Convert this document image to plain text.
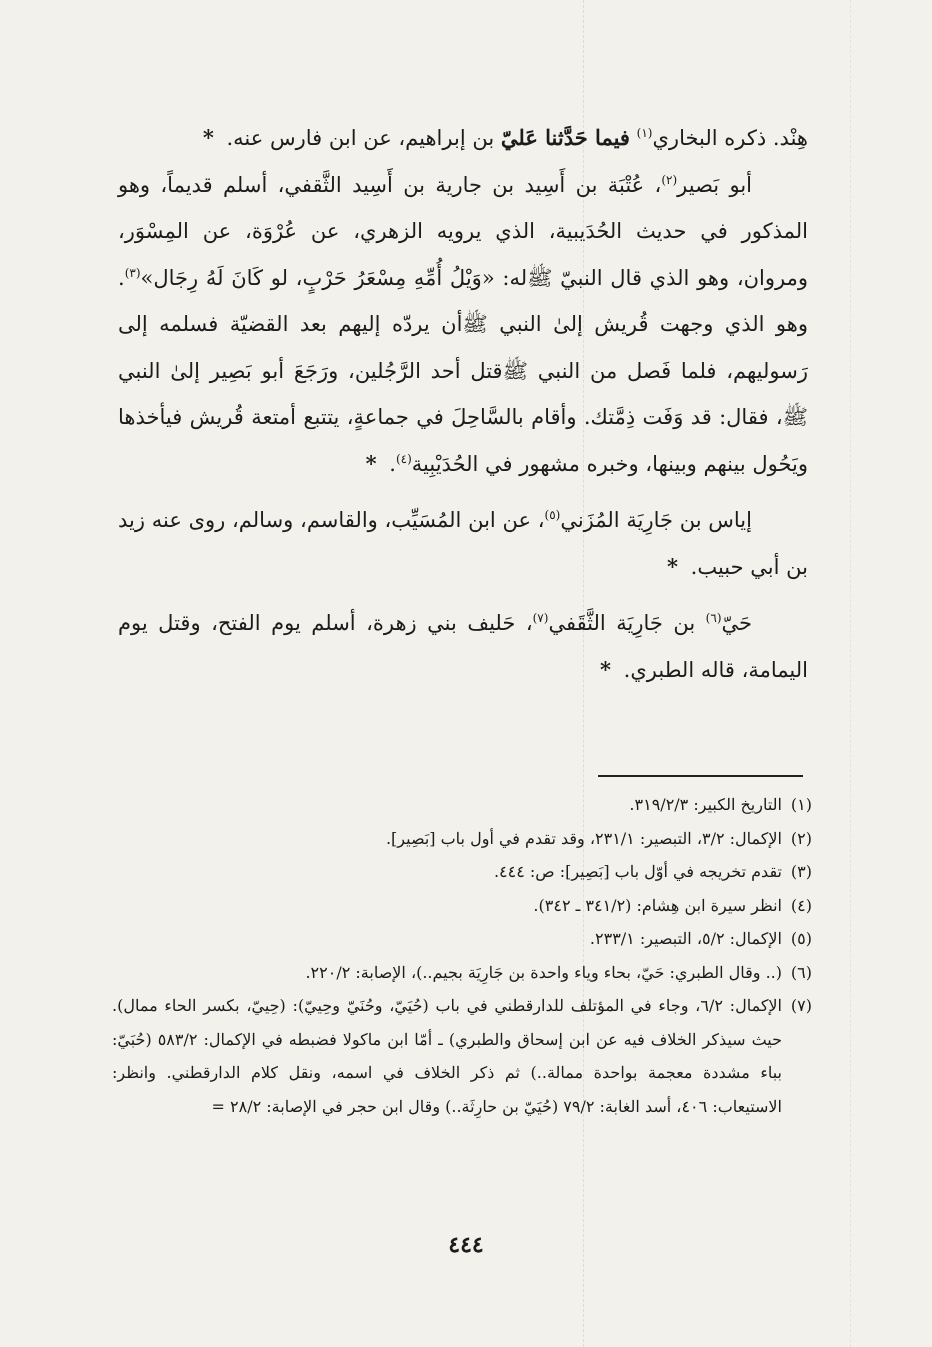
هِنْد. ذكره البخاري$^{(١)}$ فيما حَدَّثنا عَليّ بن إبراهيم، عن ابن فارس عنه. *

أبو بَصير$^{(٢)}$، عُتْبَة بن أَسِيد بن جارية بن أَسِيد الثَّقفي، أسلم قديماً، وهو المذكور في حديث الحُدَيبية، الذي يرويه الزهري، عن عُرْوَة، عن المِسْوَر، ومروان، وهو الذي قال النبيّ ﷺله: «وَيْلُ أُمِّهِ مِسْعَرُ حَرْبٍ، لو كَانَ لَهُ رِجَال»$^{(٣)}$. وهو الذي وجهت قُريش إلىٰ النبي ﷺأن يردّه إليهم بعد القضيّة فسلمه إلى رَسوليهم، فلما فَصل من النبي ﷺقتل أحد الرَّجُلين، ورَجَعَ أبو بَصِير إلىٰ النبي ﷺ، فقال: قد وَفَت ذِمَّتك. وأقام بالسَّاحِلَ في جماعةٍ، يتتبع أمتعة قُريش فيأخذها ويَحُول بينهم وبينها، وخبره مشهور في الحُدَيْبِية$^{(٤)}$. *

إياس بن جَارِيَة المُزَني$^{(٥)}$، عن ابن المُسَيِّب، والقاسم، وسالم، روى عنه زيد بن أبي حبيب. *

حَيّ$^{(٦)}$ بن جَارِيَة الثَّقَفي$^{(٧)}$، حَليف بني زهرة، أسلم يوم الفتح، وقتل يوم اليمامة، قاله الطبري. *

(١)
التاريخ الكبير: ٣١٩/٢/٣.
(٢)
الإكمال: ٣/٢، التبصير: ٢٣١/١، وقد تقدم في أول باب [بَصِير].
(٣)
تقدم تخريجه في أوّل باب [بَصِير]: ص: ٤٤٤.
(٤)
انظر سيرة ابن هِشام: (٣٤١/٢ ـ ٣٤٢).
(٥)
الإكمال: ٥/٢، التبصير: ٢٣٣/١.
(٦)
(.. وقال الطبري: حَيّ، بحاء وياء واحدة بن جَارِيَة بجيم..)، الإصابة: ٢٢٠/٢.
(٧)
الإكمال: ٦/٢، وجاء في المؤتلف للدارقطني في باب (حُيَيّ، وحُنَيّ وحِييّ): (حِييّ، بكسر الحاء ممال). حيث سيذكر الخلاف فيه عن ابن إسحاق والطبري) ـ أمّا ابن ماكولا فضبطه في الإكمال: ٥٨٣/٢ (حُبَيّ: بباء مشددة معجمة بواحدة ممالة..) ثم ذكر الخلاف في اسمه، ونقل كلام الدارقطني. وانظر: الاستيعاب: ٤٠٦، أسد الغابة: ٧٩/٢ (حُيَيّ بن حارِثَة..) وقال ابن حجر في الإصابة: ٢٨/٢ =
٤٤٤
